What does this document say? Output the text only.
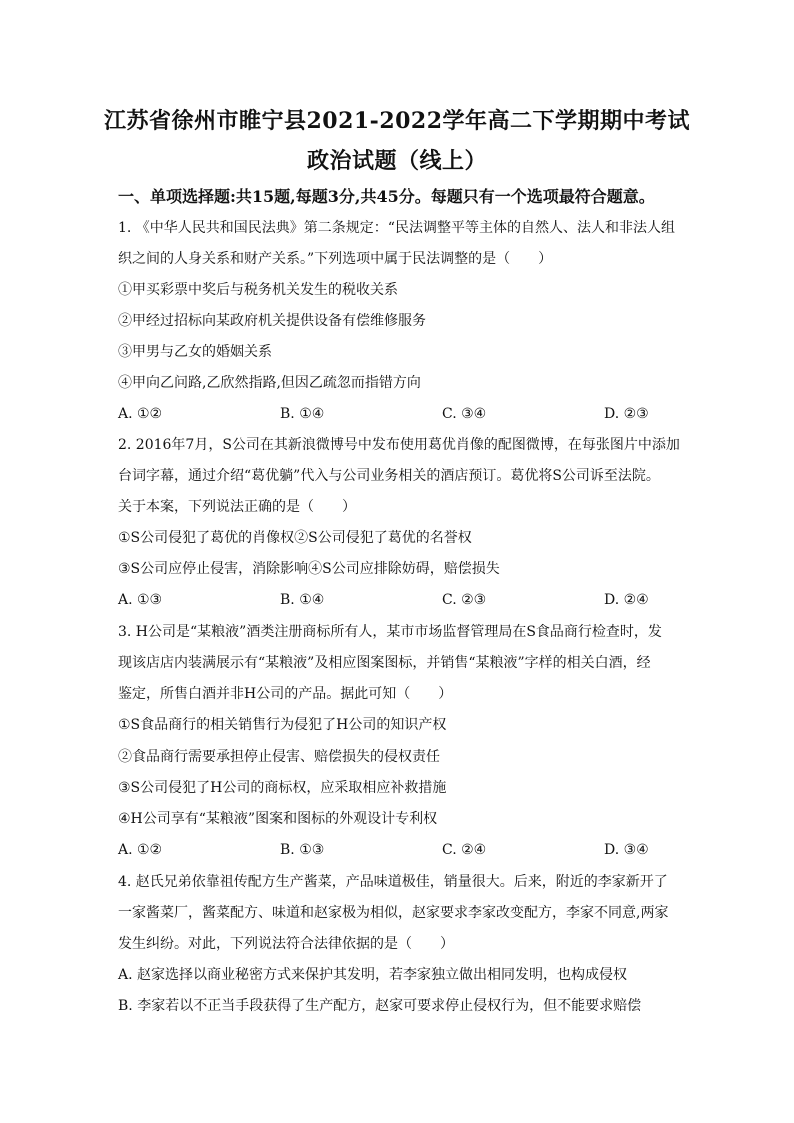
江苏省徐州市睢宁县2021-2022学年高二下学期期中考试
政治试题（线上）
一、单项选择题:共15题,每题3分,共45分。每题只有一个选项最符合题意。
1. 《中华人民共和国民法典》第二条规定：“民法调整平等主体的自然人、法人和非法人组
织之间的人身关系和财产关系。”下列选项中属于民法调整的是（　　）
①甲买彩票中奖后与税务机关发生的税收关系
②甲经过招标向某政府机关提供设备有偿维修服务
③甲男与乙女的婚姻关系
④甲向乙问路,乙欣然指路,但因乙疏忽而指错方向
A. ①②	B. ①④	C. ③④	D. ②③
2. 2016年7月，S公司在其新浪微博号中发布使用葛优肖像的配图微博，在每张图片中添加
台词字幕，通过介绍“葛优躺”代入与公司业务相关的酒店预订。葛优将S公司诉至法院。
关于本案，下列说法正确的是（　　）
①S公司侵犯了葛优的肖像权②S公司侵犯了葛优的名誉权
③S公司应停止侵害，消除影响④S公司应排除妨碍，赔偿损失
A. ①③	B. ①④	C. ②③	D. ②④
3. H公司是“某粮液”酒类注册商标所有人，某市市场监督管理局在S食品商行检查时，发
现该店店内装满展示有“某粮液”及相应图案图标，并销售“某粮液”字样的相关白酒，经
鉴定，所售白酒并非H公司的产品。据此可知（　　）
①S食品商行的相关销售行为侵犯了H公司的知识产权
②食品商行需要承担停止侵害、赔偿损失的侵权责任
③S公司侵犯了H公司的商标权，应采取相应补救措施
④H公司享有“某粮液”图案和图标的外观设计专利权
A. ①②	B. ①③	C. ②④	D. ③④
4. 赵氏兄弟依靠祖传配方生产酱菜，产品味道极佳，销量很大。后来，附近的李家新开了
一家酱菜厂，酱菜配方、味道和赵家极为相似，赵家要求李家改变配方，李家不同意,两家
发生纠纷。对此，下列说法符合法律依据的是（　　）
A. 赵家选择以商业秘密方式来保护其发明，若李家独立做出相同发明，也构成侵权
B. 李家若以不正当手段获得了生产配方，赵家可要求停止侵权行为，但不能要求赔偿
